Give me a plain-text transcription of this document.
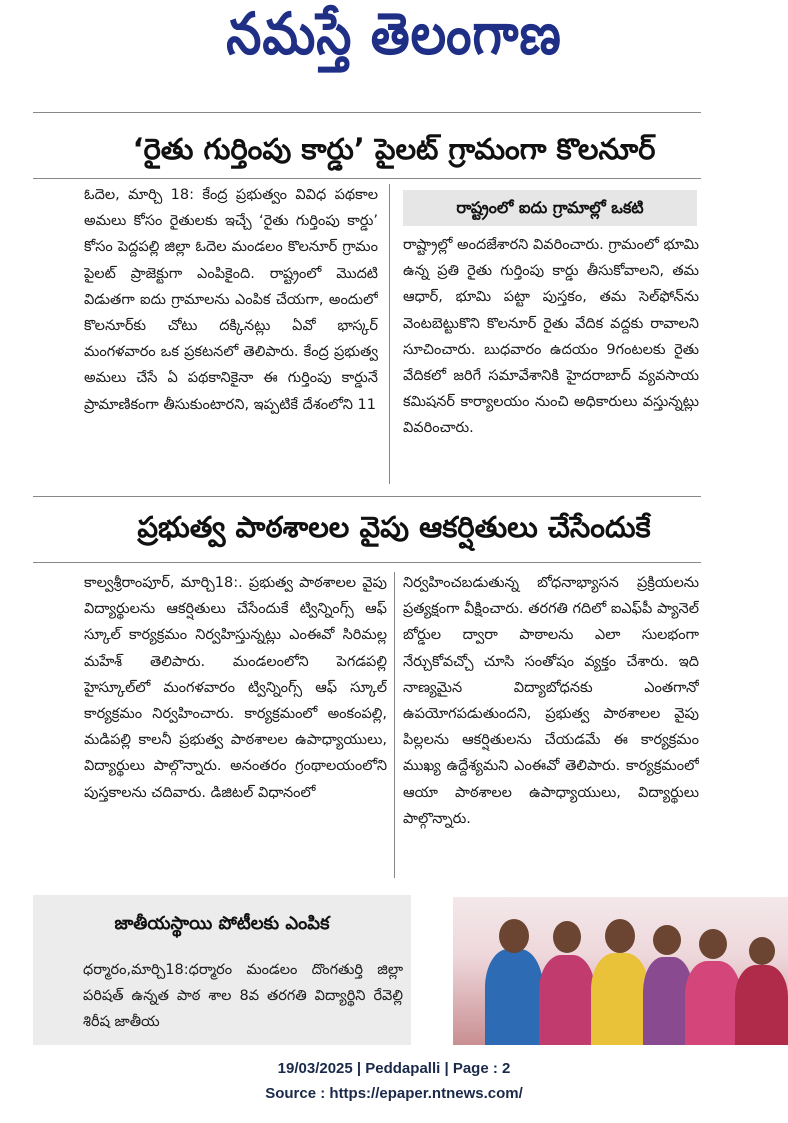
నమస్తే తెలంగాణ
‘రైతు గుర్తింపు కార్డు’ పైలట్ గ్రామంగా కొలనూర్

ఓదెల, మార్చి 18: కేంద్ర ప్రభుత్వం వివిధ పథకాల అమలు కోసం రైతులకు ఇచ్చే ‘రైతు గుర్తింపు కార్డు’ కోసం పెద్దపల్లి జిల్లా ఓదెల మండలం కొలనూర్ గ్రామం పైలట్ ప్రాజెక్టుగా ఎంపికైంది. రాష్ట్రంలో మొదటి విడుతగా ఐదు గ్రామాలను ఎంపిక చేయగా, అందులో కొలనూర్‌కు చోటు దక్కినట్లు ఏవో భాస్కర్ మంగళవారం ఒక ప్రకటనలో తెలిపారు. కేంద్ర ప్రభుత్వ అమలు చేసే ఏ పథకానికైనా ఈ గుర్తింపు కార్డునే ప్రామాణికంగా తీసుకుంటారని, ఇప్పటికే దేశంలోని 11

రాష్ట్రంలో ఐదు గ్రామాల్లో ఒకటి

రాష్ట్రాల్లో అందజేశారని వివరించారు. గ్రామంలో భూమి ఉన్న ప్రతి రైతు గుర్తింపు కార్డు తీసుకోవాలని, తమ ఆధార్, భూమి పట్టా పుస్తకం, తమ సెల్‌ఫోన్‌ను వెంటబెట్టుకొని కొలనూర్ రైతు వేదిక వద్దకు రావాలని సూచించారు. బుధవారం ఉదయం 9గంటలకు రైతు వేదికలో జరిగే సమావేశానికి హైదరాబాద్ వ్యవసాయ కమిషనర్ కార్యాలయం నుంచి అధికారులు వస్తున్నట్లు వివరించారు.

ప్రభుత్వ పాఠశాలల వైపు ఆకర్షితులు చేసేందుకే

కాల్వశ్రీరాంపూర్, మార్చి18:. ప్రభుత్వ పాఠశాలల వైపు విద్యార్థులను ఆకర్షితులు చేసేందుకే ట్విన్నింగ్స్ ఆఫ్ స్కూల్ కార్యక్రమం నిర్వహిస్తున్నట్లు ఎంఈవో సిరిమల్ల మహేశ్ తెలిపారు. మండలంలోని పెగడపల్లి హైస్కూల్‌లో మంగళవారం ట్విన్నింగ్స్ ఆఫ్ స్కూల్ కార్యక్రమం నిర్వహించారు. కార్యక్రమంలో అంకంపల్లి, మడిపల్లి కాలనీ ప్రభుత్వ పాఠశాలల ఉపాధ్యాయులు, విద్యార్థులు పాల్గొన్నారు. అనంతరం గ్రంథాలయంలోని పుస్తకాలను చదివారు. డిజిటల్ విధానంలో

నిర్వహించబడుతున్న బోధనాభ్యాసన ప్రక్రియలను ప్రత్యక్షంగా వీక్షించారు. తరగతి గదిలో ఐఎఫ్‌పీ ప్యానెల్ బోర్డుల ద్వారా పాఠాలను ఎలా సులభంగా నేర్చుకోవచ్చో చూసి సంతోషం వ్యక్తం చేశారు. ఇది నాణ్యమైన విద్యాబోధనకు ఎంతగానో ఉపయోగపడుతుందని, ప్రభుత్వ పాఠశాలల వైపు పిల్లలను ఆకర్షితులను చేయడమే ఈ కార్యక్రమం ముఖ్య ఉద్దేశ్యమని ఎంఈవో తెలిపారు. కార్యక్రమంలో ఆయా పాఠశాలల ఉపాధ్యాయులు, విద్యార్థులు పాల్గొన్నారు.

జాతీయస్థాయి పోటీలకు ఎంపిక
ధర్మారం,మార్చి18:ధర్మారం మండలం దొంగతుర్తి జిల్లా పరిషత్ ఉన్నత పాఠ శాల 8వ తరగతి విద్యార్థిని రేవెల్లి శిరీష జాతీయ
19/03/2025 | Peddapalli | Page : 2
Source : https://epaper.ntnews.com/
